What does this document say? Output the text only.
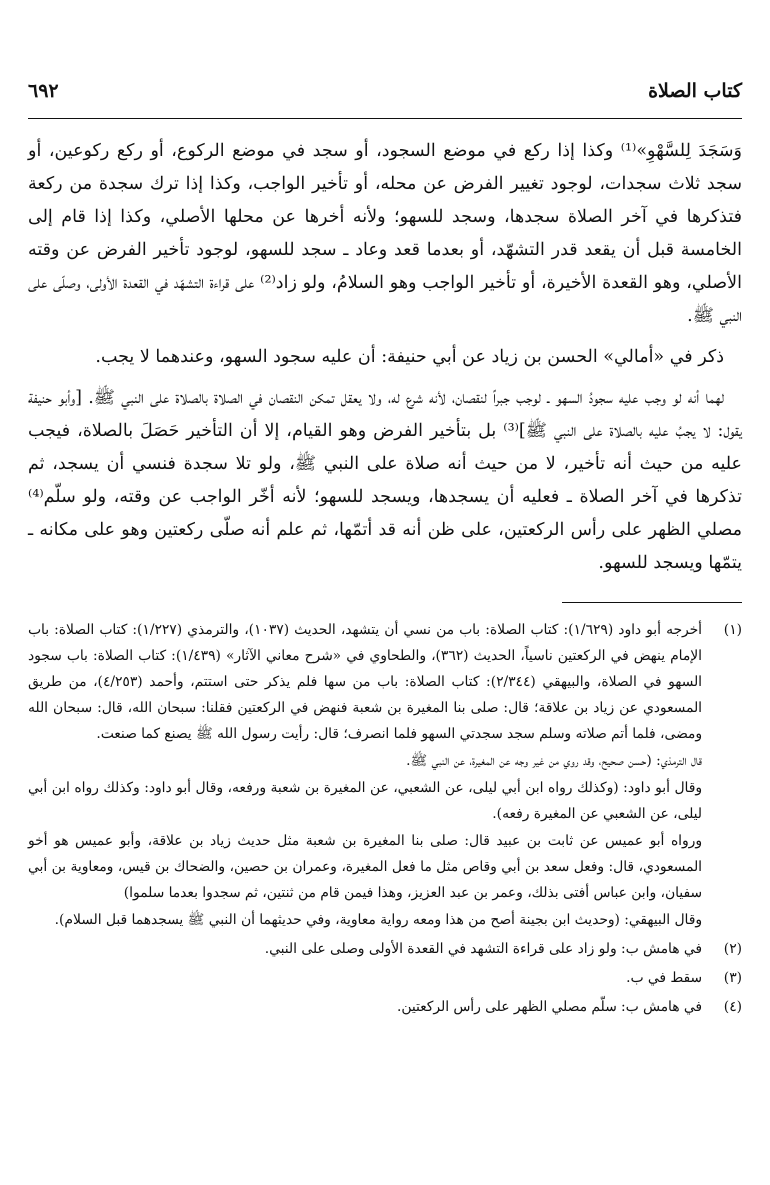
كتاب الصلاة
٦٩٢

وَسَجَدَ لِلسَّهْوِ»⁽¹⁾ وكذا إذا ركع في موضع السجود، أو سجد في موضع الركوع، أو ركع ركوعين، أو سجد ثلاث سجدات، لوجود تغيير الفرض عن محله، أو تأخير الواجب، وكذا إذا ترك سجدة من ركعة فتذكرها في آخر الصلاة سجدها، وسجد للسهو؛ ولأنه أخرها عن محلها الأصلي، وكذا إذا قام إلى الخامسة قبل أن يقعد قدر التشهّد، أو بعدما قعد وعاد ـ سجد للسهو، لوجود تأخير الفرض عن وقته الأصلي، وهو القعدة الأخيرة، أو تأخير الواجب وهو السلامُ، ولو زاد⁽²⁾ على قراءة التشهّد في القعدة الأولى، وصلّى على النبي ﷺ.

ذكر في «أمالي» الحسن بن زياد عن أبي حنيفة: أن عليه سجود السهو، وعندهما لا يجب.

لهما أنه لو وجب عليه سجودُ السهو ـ لوجب جبراً لنقصان، لأنه شرع له، ولا يعقل تمكن النقصان في الصلاة بالصلاة على النبي ﷺ. [وأبو حنيفة يقول: لا يجبُ عليه بالصلاة على النبي ﷺ]⁽³⁾ بل بتأخير الفرض وهو القيام، إلا أن التأخير حَصَلَ بالصلاة، فيجب عليه من حيث أنه تأخير، لا من حيث أنه صلاة على النبي ﷺ، ولو تلا سجدة فنسي أن يسجد، ثم تذكرها في آخر الصلاة ـ فعليه أن يسجدها، ويسجد للسهو؛ لأنه أخّر الواجب عن وقته، ولو سلّم⁽⁴⁾ مصلي الظهر على رأس الركعتين، على ظن أنه قد أتمّها، ثم علم أنه صلّى ركعتين وهو على مكانه ـ يتمّها ويسجد للسهو.

(١)
أخرجه أبو داود (١/٦٢٩): كتاب الصلاة: باب من نسي أن يتشهد، الحديث (١٠٣٧)، والترمذي (١/٢٢٧): كتاب الصلاة: باب الإمام ينهض في الركعتين ناسياً، الحديث (٣٦٢)، والطحاوي في «شرح معاني الآثار» (١/٤٣٩): كتاب الصلاة: باب سجود السهو في الصلاة، والبيهقي (٢/٣٤٤): كتاب الصلاة: باب من سها فلم يذكر حتى استتم، وأحمد (٤/٢٥٣)، من طريق المسعودي عن زياد بن علاقة؛ قال: صلى بنا المغيرة بن شعبة فنهض في الركعتين فقلنا: سبحان الله، قال: سبحان الله ومضى، فلما أتم صلاته وسلم سجد سجدتي السهو فلما انصرف؛ قال: رأيت رسول الله ﷺ يصنع كما صنعت.
قال الترمذي: (حسن صحيح، وقد روي من غير وجه عن المغيرة، عن النبي ﷺ.
وقال أبو داود: (وكذلك رواه ابن أبي ليلى، عن الشعبي، عن المغيرة بن شعبة ورفعه، وقال أبو داود: وكذلك رواه ابن أبي ليلى، عن الشعبي عن المغيرة رفعه).
ورواه أبو عميس عن ثابت بن عبيد قال: صلى بنا المغيرة بن شعبة مثل حديث زياد بن علاقة، وأبو عميس هو أخو المسعودي، قال: وفعل سعد بن أبي وقاص مثل ما فعل المغيرة، وعمران بن حصين، والضحاك بن قيس، ومعاوية بن أبي سفيان، وابن عباس أفتى بذلك، وعمر بن عبد العزيز، وهذا فيمن قام من ثنتين، ثم سجدوا بعدما سلموا)
وقال البيهقي: (وحديث ابن بجينة أصح من هذا ومعه رواية معاوية، وفي حديثهما أن النبي ﷺ يسجدهما قبل السلام).
(٢)
في هامش ب: ولو زاد على قراءة التشهد في القعدة الأولى وصلى على النبي.
(٣)
سقط في ب.
(٤)
في هامش ب: سلّم مصلي الظهر على رأس الركعتين.
